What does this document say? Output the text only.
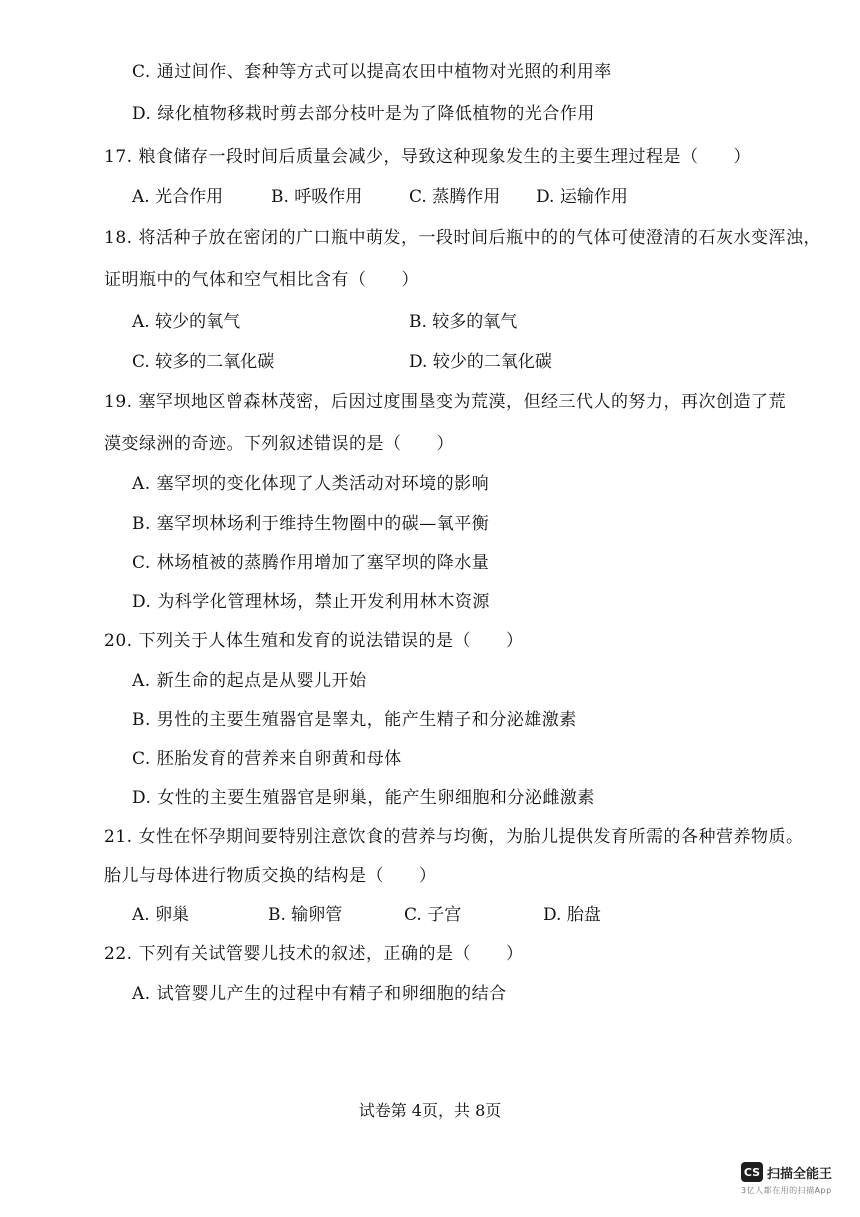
C. 通过间作、套种等方式可以提高农田中植物对光照的利用率
D. 绿化植物移栽时剪去部分枝叶是为了降低植物的光合作用
17. 粮食储存一段时间后质量会减少，导致这种现象发生的主要生理过程是（　　）
A. 光合作用	B. 呼吸作用	C. 蒸腾作用 D. 运输作用
18. 将活种子放在密闭的广口瓶中萌发，一段时间后瓶中的的气体可使澄清的石灰水变浑浊，
证明瓶中的气体和空气相比含有（　　）
A. 较少的氧气	B. 较多的氧气
C. 较多的二氧化碳	D. 较少的二氧化碳
19. 塞罕坝地区曾森林茂密，后因过度围垦变为荒漠，但经三代人的努力，再次创造了荒
漠变绿洲的奇迹。下列叙述错误的是（　　）
A. 塞罕坝的变化体现了人类活动对环境的影响
B. 塞罕坝林场利于维持生物圈中的碳—氧平衡
C. 林场植被的蒸腾作用增加了塞罕坝的降水量
D. 为科学化管理林场，禁止开发利用林木资源
20. 下列关于人体生殖和发育的说法错误的是（　　）
A. 新生命的起点是从婴儿开始
B. 男性的主要生殖器官是睾丸，能产生精子和分泌雄激素
C. 胚胎发育的营养来自卵黄和母体
D. 女性的主要生殖器官是卵巢，能产生卵细胞和分泌雌激素
21. 女性在怀孕期间要特别注意饮食的营养与均衡，为胎儿提供发育所需的各种营养物质。
胎儿与母体进行物质交换的结构是（　　）
A. 卵巢	B. 输卵管	C. 子宫	D. 胎盘
22. 下列有关试管婴儿技术的叙述，正确的是（　　）
A. 试管婴儿产生的过程中有精子和卵细胞的结合
试卷第 4页，共 8页
CS 扫描全能王
3亿人都在用的扫描App
